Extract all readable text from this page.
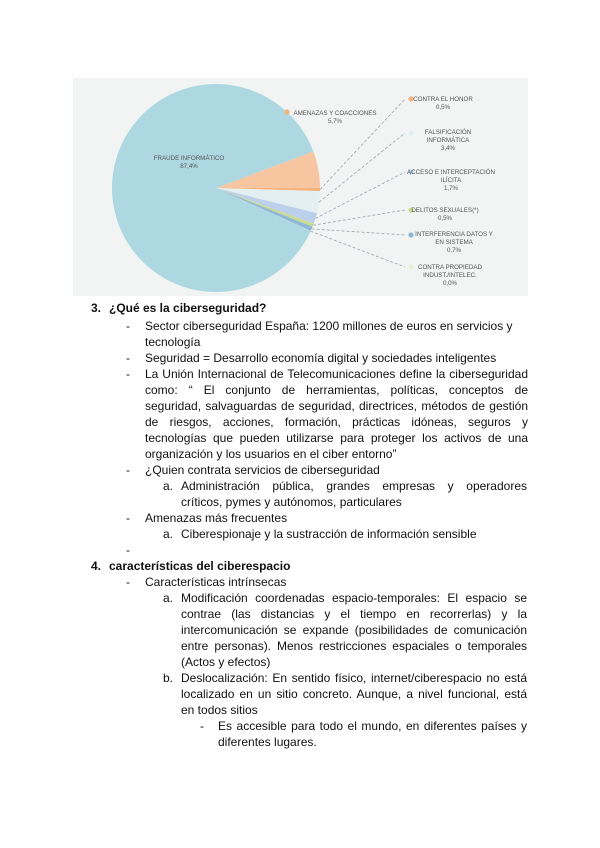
FRAUDE INFORMÁTICO 87,4%
AMENAZAS Y COACCIONES 5,7%
CONTRA EL HONOR 0,5%
FALSIFICACIÓN INFORMÁTICA 3,4%
ACCESO E INTERCEPTACIÓN ILÍCITA 1,7%
DELITOS SEXUALES(*) 0,5%
INTERFERENCIA DATOS Y EN SISTEMA 0,7%
CONTRA PROPIEDAD INDUST./INTELEC. 0,0%
3. ¿Qué es la ciberseguridad?
- Sector ciberseguridad España: 1200 millones de euros en servicios y
tecnología
- Seguridad = Desarrollo economía digital y sociedades inteligentes
- La Unión Internacional de Telecomunicaciones define la ciberseguridad
como: “ El conjunto de herramientas, políticas, conceptos de
seguridad, salvaguardas de seguridad, directrices, métodos de gestión
de riesgos, acciones, formación, prácticas idóneas, seguros y
tecnologías que pueden utilizarse para proteger los activos de una
organización y los usuarios en el ciber entorno”
- ¿Quien contrata servicios de ciberseguridad
a. Administración pública, grandes empresas y operadores
críticos, pymes y autónomos, particulares
- Amenazas más frecuentes
a. Ciberespionaje y la sustracción de información sensible
-
4. características del ciberespacio
- Características intrínsecas
a. Modificación coordenadas espacio-temporales: El espacio se
contrae (las distancias y el tiempo en recorrerlas) y la
intercomunicación se expande (posibilidades de comunicación
entre personas). Menos restricciones espaciales o temporales
(Actos y efectos)
b. Deslocalización: En sentido físico, internet/ciberespacio no está
localizado en un sitio concreto. Aunque, a nivel funcional, está
en todos sitios
- Es accesible para todo el mundo, en diferentes países y
diferentes lugares.
